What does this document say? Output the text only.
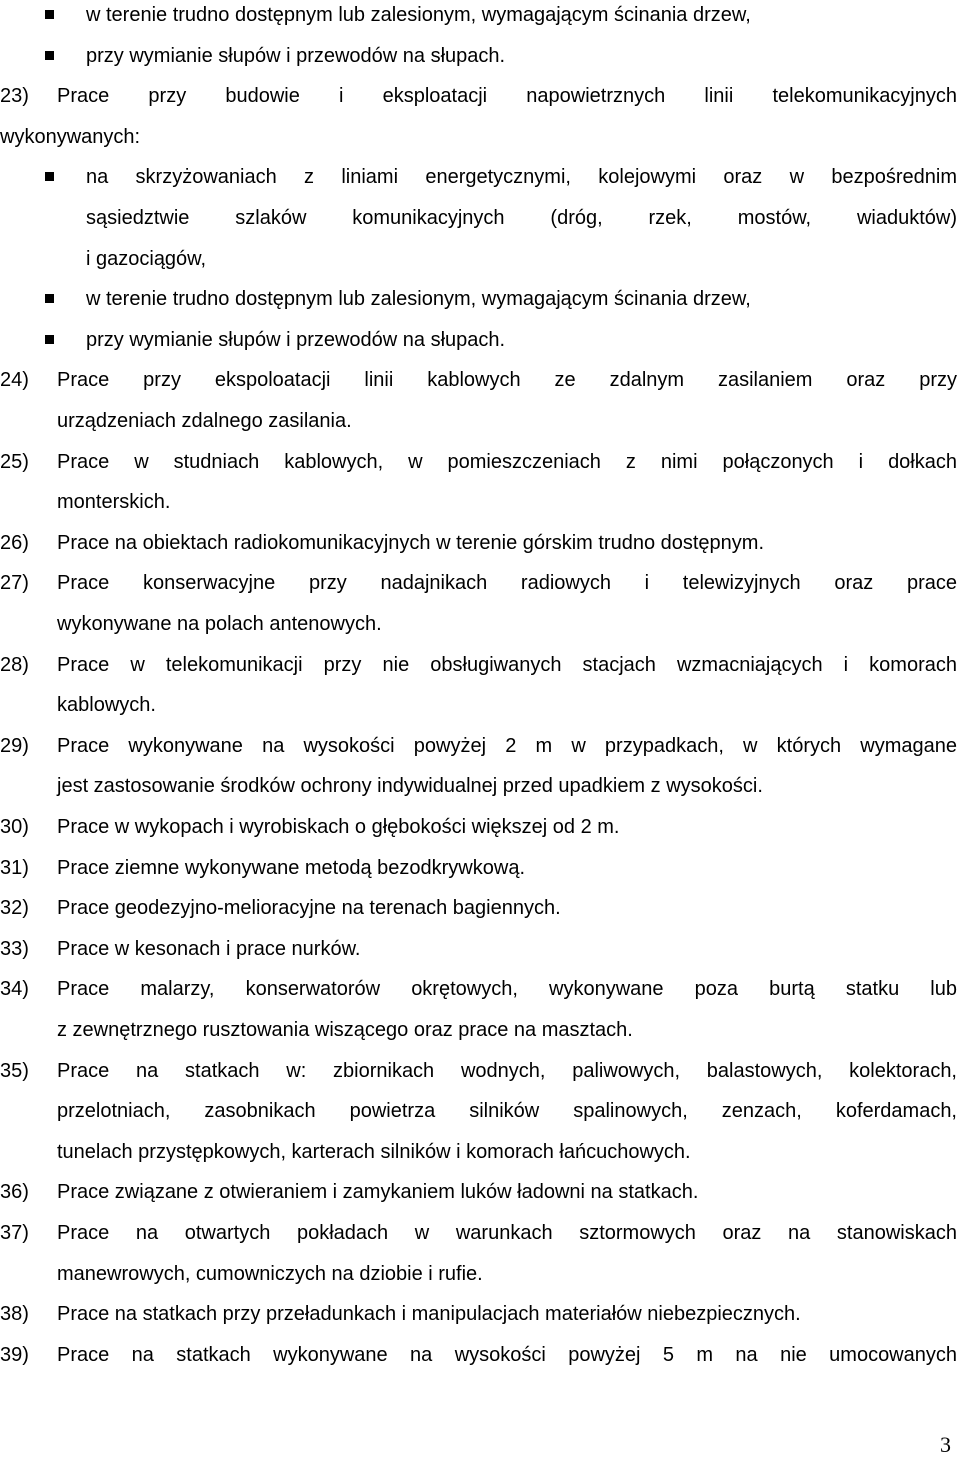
w terenie trudno dostępnym lub zalesionym, wymagającym ścinania drzew,
przy wymianie słupów i przewodów na słupach.
23) Prace przy budowie i eksploatacji napowietrznych linii telekomunikacyjnych
wykonywanych:
na skrzyżowaniach z liniami energetycznymi, kolejowymi oraz w bezpośrednim
sąsiedztwie szlaków komunikacyjnych (dróg, rzek, mostów, wiaduktów)
i gazociągów,
w terenie trudno dostępnym lub zalesionym, wymagającym ścinania drzew,
przy wymianie słupów i przewodów na słupach.
24) Prace przy ekspoloatacji linii kablowych ze zdalnym zasilaniem oraz przy
urządzeniach zdalnego zasilania.
25) Prace w studniach kablowych, w pomieszczeniach z nimi połączonych i dołkach
monterskich.
26) Prace na obiektach radiokomunikacyjnych w terenie górskim trudno dostępnym.
27) Prace konserwacyjne przy nadajnikach radiowych i telewizyjnych oraz prace
wykonywane na polach antenowych.
28) Prace w telekomunikacji przy nie obsługiwanych stacjach wzmacniających i komorach
kablowych.
29) Prace wykonywane na wysokości powyżej 2 m w przypadkach, w których wymagane
jest zastosowanie środków ochrony indywidualnej przed upadkiem z wysokości.
30) Prace w wykopach i wyrobiskach o głębokości większej od 2 m.
31) Prace ziemne wykonywane metodą bezodkrywkową.
32) Prace geodezyjno-melioracyjne na terenach bagiennych.
33) Prace w kesonach i prace nurków.
34) Prace malarzy, konserwatorów okrętowych, wykonywane poza burtą statku lub
z zewnętrznego rusztowania wiszącego oraz prace na masztach.
35) Prace na statkach w: zbiornikach wodnych, paliwowych, balastowych, kolektorach,
przelotniach, zasobnikach powietrza silników spalinowych, zenzach, koferdamach,
tunelach przystępkowych, karterach silników i komorach łańcuchowych.
36) Prace związane z otwieraniem i zamykaniem luków ładowni na statkach.
37) Prace na otwartych pokładach w warunkach sztormowych oraz na stanowiskach
manewrowych, cumowniczych na dziobie i rufie.
38) Prace na statkach przy przeładunkach i manipulacjach materiałów niebezpiecznych.
39) Prace na statkach wykonywane na wysokości powyżej 5 m na nie umocowanych
3
